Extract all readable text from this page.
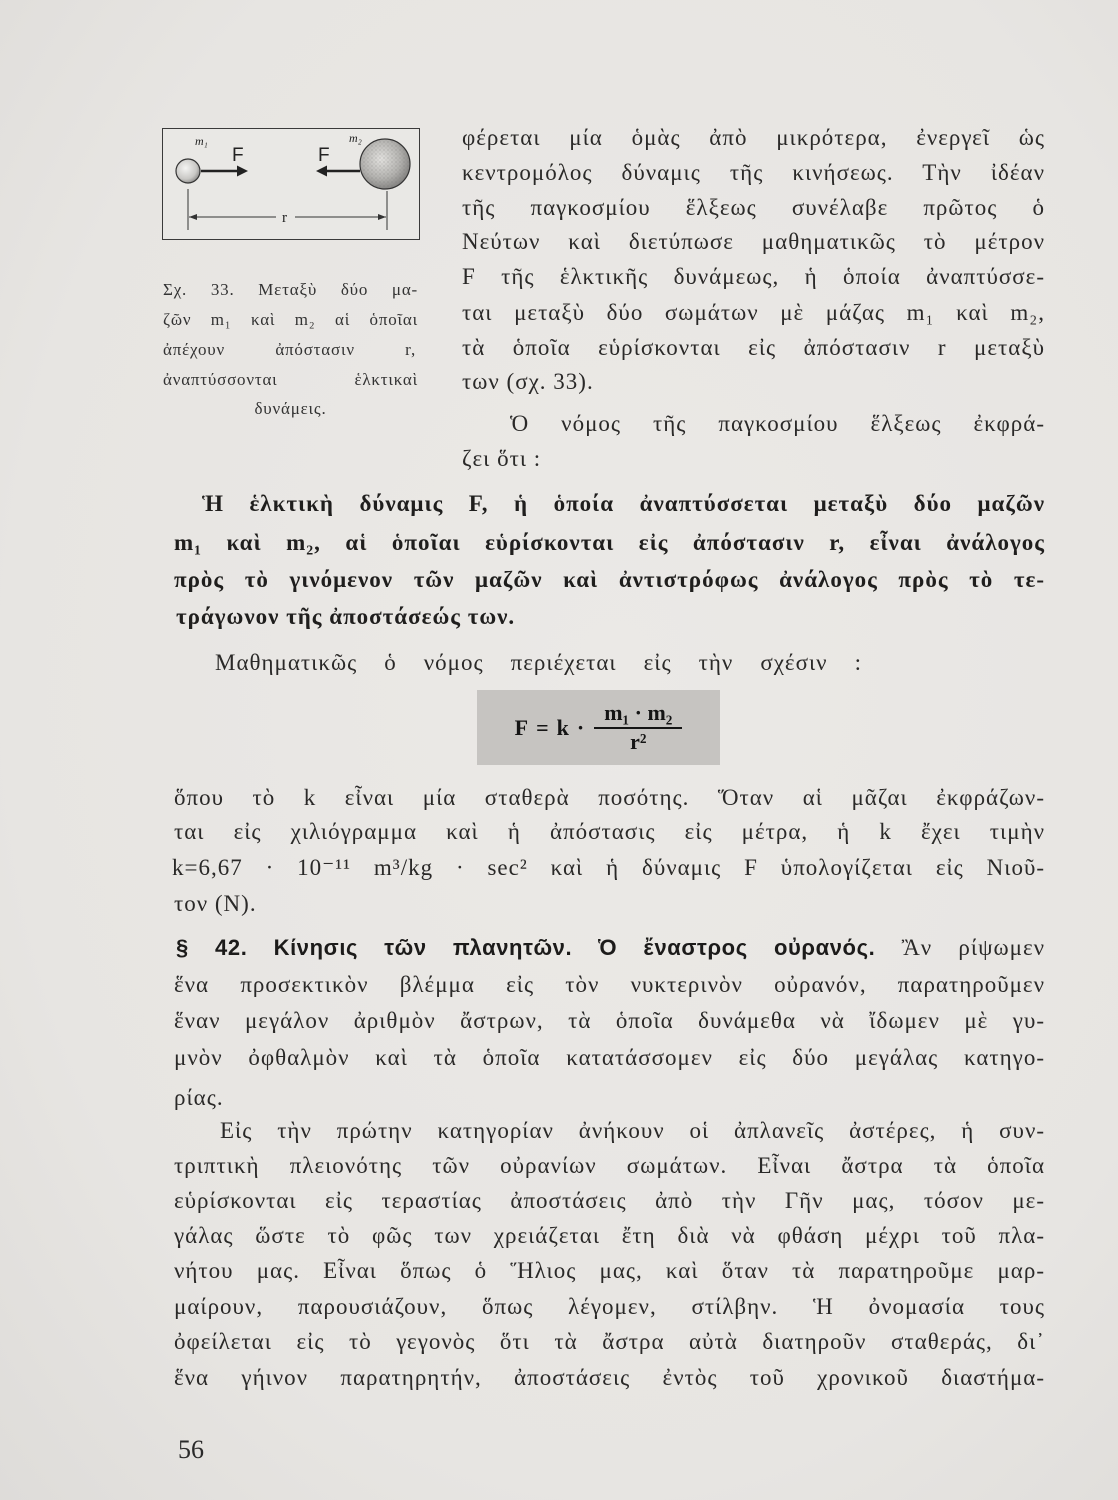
m₁	m₂
F	F
r
Σχ. 33. Μεταξὺ δύο μα-
ζῶν m₁ καὶ m₂ αἱ ὁποῖαι
ἀπέχουν ἀπόστασιν r,
ἀναπτύσσονται ἑλκτικαὶ
δυνάμεις.
φέρεται μία ὁμὰς ἀπὸ μικρότερα, ἐνεργεῖ ὡς
κεντρομόλος δύναμις τῆς κινήσεως. Τὴν ἰδέαν
τῆς παγκοσμίου ἕλξεως συνέλαβε πρῶτος ὁ
Νεύτων καὶ διετύπωσε μαθηματικῶς τὸ μέτρον
F τῆς ἑλκτικῆς δυνάμεως, ἡ ὁποία ἀναπτύσσε-
ται μεταξὺ δύο σωμάτων μὲ μάζας m₁ καὶ m₂,
τὰ ὁποῖα εὑρίσκονται εἰς ἀπόστασιν r μεταξὺ
των (σχ. 33).
Ὁ νόμος τῆς παγκοσμίου ἕλξεως ἐκφρά-
ζει ὅτι :
Ἡ ἑλκτικὴ δύναμις F, ἡ ὁποία ἀναπτύσσεται μεταξὺ δύο μαζῶν
m₁ καὶ m₂, αἱ ὁποῖαι εὑρίσκονται εἰς ἀπόστασιν r, εἶναι ἀνάλογος
πρὸς τὸ γινόμενον τῶν μαζῶν καὶ ἀντιστρόφως ἀνάλογος πρὸς τὸ τε-
τράγωνον τῆς ἀποστάσεώς των.
Μαθηματικῶς ὁ νόμος περιέχεται εἰς τὴν σχέσιν :
$F = k \cdot \frac{\text{m₁ · m₂}}{\text{r²}}$
ὅπου τὸ k εἶναι μία σταθερὰ ποσότης. Ὅταν αἱ μᾶζαι ἐκφράζων-
ται εἰς χιλιόγραμμα καὶ ἡ ἀπόστασις εἰς μέτρα, ἡ k ἔχει τιμὴν
k=6,67 · 10⁻¹¹ m³/kg · sec² καὶ ἡ δύναμις F ὑπολογίζεται εἰς Νιοῦ-
τον (N).
§ 42. Κίνησις τῶν πλανητῶν. Ὁ ἔναστρος οὐρανός. Ἂν ρίψωμεν
ἕνα προσεκτικὸν βλέμμα εἰς τὸν νυκτερινὸν οὐρανόν, παρατηροῦμεν
ἕναν μεγάλον ἀριθμὸν ἄστρων, τὰ ὁποῖα δυνάμεθα νὰ ἴδωμεν μὲ γυ-
μνὸν ὀφθαλμὸν καὶ τὰ ὁποῖα κατατάσσομεν εἰς δύο μεγάλας κατηγο-
ρίας.
Εἰς τὴν πρώτην κατηγορίαν ἀνήκουν οἱ ἀπλανεῖς ἀστέρες, ἡ συν-
τριπτικὴ πλειονότης τῶν οὐρανίων σωμάτων. Εἶναι ἄστρα τὰ ὁποῖα
εὑρίσκονται εἰς τεραστίας ἀποστάσεις ἀπὸ τὴν Γῆν μας, τόσον με-
γάλας ὥστε τὸ φῶς των χρειάζεται ἔτη διὰ νὰ φθάση μέχρι τοῦ πλα-
νήτου μας. Εἶναι ὅπως ὁ Ἥλιος μας, καὶ ὅταν τὰ παρατηροῦμε μαρ-
μαίρουν, παρουσιάζουν, ὅπως λέγομεν, στίλβην. Ἡ ὀνομασία τους
ὀφείλεται εἰς τὸ γεγονὸς ὅτι τὰ ἄστρα αὐτὰ διατηροῦν σταθεράς, δι᾽
ἕνα γήινον παρατηρητήν, ἀποστάσεις ἐντὸς τοῦ χρονικοῦ διαστήμα-
56
